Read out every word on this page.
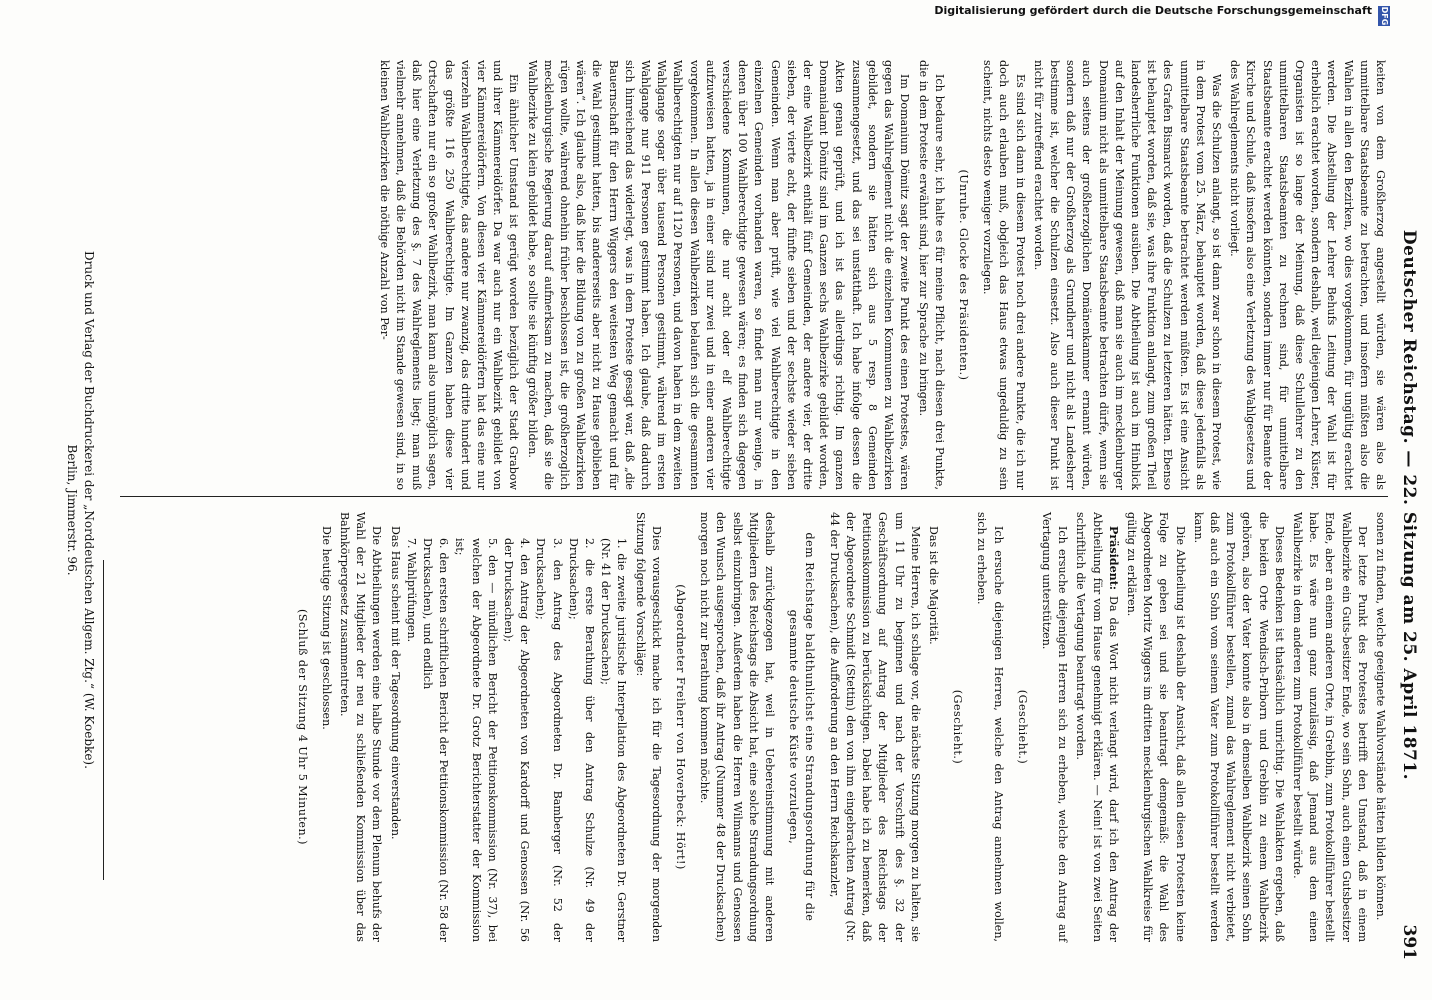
DFG
Digitalisierung gefördert durch die Deutsche Forschungsgemeinschaft
Deutscher Reichstag. — 22. Sitzung am 25. April 1871.
391

keiten von dem Großherzog angestellt würden, sie wären also als unmittelbare Staatsbeamte zu betrachten, und insofern müßten also die Wahlen in allen den Bezirken, wo dies vorgekommen, für ungültig erachtet werden. Die Abstellung der Lehrer Behufs Leitung der Wahl ist für erheblich erachtet worden, sondern deshalb, weil diejenigen Lehrer, Küster, Organisten ist so lange der Meinung, daß diese Schullehrer zu den unmittelbaren Staatsbeamten zu rechnen sind, für unmittelbare Staatsbeamte erachtet werden könnten, sondern immer nur für Beamte der Kirche und Schule, daß insofern also eine Verletzung des Wahlgesetzes und des Wahlreglements nicht vorliegt.

Was die Schulzen anlangt, so ist dann zwar schon in diesem Protest, wie in dem Protest vom 25. März, behauptet worden, daß diese jedenfalls als unmittelbare Staatsbeamte betrachtet werden müßten. Es ist eine Ansicht des Grafen Bismarck worden, daß die Schulzen zu letzteren hätten. Ebenso ist behauptet worden, daß sie, was ihre Funktion anlangt, zum großen Theil landesherrliche Funktionen ausüben. Die Abtheilung ist auch im Hinblick auf den Inhalt der Meinung gewesen, daß man sie auch im mecklenburger Domanium nicht als unmittelbare Staatsbeamte betrachten dürfe, wenn sie auch seitens der großherzoglichen Domänenkammer ernannt würden, sondern daß nur der Großherzog als Grundherr und nicht als Landesherr bestimme ist, welcher die Schulzen einsetzt. Also auch dieser Punkt ist nicht für zutreffend erachtet worden.

Es sind sich dann in diesem Protest noch drei andere Punkte, die ich nur doch auch erlauben muß, obgleich das Haus etwas ungeduldig zu sein scheint, nichts desto weniger vorzulegen.

(Unruhe. Glocke des Präsidenten.)

Ich bedaure sehr, ich halte es für meine Pflicht, nach diesen drei Punkte, die in dem Proteste erwähnt sind, hier zur Sprache zu bringen.

Im Domanium Dömitz sagt der zweite Punkt des einen Protestes, wären gegen das Wahlreglement nicht die einzelnen Kommunen zu Wahlbezirken gebildet, sondern sie hätten sich aus 5 resp. 8 Gemeinden zusammengesetzt, und das sei unstatthaft. Ich habe infolge dessen die Akten genau geprüft, und ich ist das allerdings richtig. Im ganzen Domanialamt Dömitz sind im Ganzen sechs Wahlbezirke gebildet worden, der eine Wahlbezirk enthält fünf Gemeinden, der andere vier, der dritte sieben, der vierte acht, der fünfte sieben und der sechste wieder sieben Gemeinden. Wenn man aber prüft, wie viel Wahlberechtigte in den einzelnen Gemeinden vorhanden waren, so findet man nur wenige, in denen über 100 Wahlberechtigte gewesen wären; es finden sich dagegen verschiedene Kommunen, die nur acht oder elf Wahlberechtigte aufzuweisen hatten, ja in einer sind nur zwei und in einer anderen vier vorgekommen. In allen diesen Wahlbezirken belaufen sich die gesammten Wahlberechtigten nur auf 1120 Personen, und davon haben in dem zweiten Wahlgange sogar über tausend Personen gestimmt, während im ersten Wahlgange nur 911 Personen gestimmt haben. Ich glaube, daß dadurch sich hinreichend das widerlegt, was in dem Proteste gesagt war, daß „die Bauernschaft für den Herrn Wiggers den weitesten Weg gemacht und für die Wahl gestimmt hatten, bis andererseits aber nicht zu Hause geblieben wären“. Ich glaube also, daß hier die Bildung von zu großen Wahlbezirken rügen wollte, während ohnehin früher beschlossen ist, die großherzoglich mecklenburgische Regierung darauf aufmerksam zu machen, daß sie die Wahlbezirke zu klein gebildet habe, so sollte sie künftig größer bilden.

Ein ähnlicher Umstand ist gerügt worden bezüglich der Stadt Grabow und ihrer Kämmereidörfer. Da war auch nur ein Wahlbezirk gebildet von vier Kämmereidörfern. Von diesen vier Kämmereidörfern hat das eine nur vierzehn Wahlberechtigte, das andere nur zwanzig, das dritte hundert und das größte 116 250 Wahlberechtigte. Im Ganzen haben diese vier Ortschaften nur ein so großer Wahlbezirk, man kann also unmöglich sagen, daß hier eine Verletzung des §. 7 des Wahlreglements liegt; man muß vielmehr annehmen, daß die Behörden nicht im Stande gewesen sind, in so kleinen Wahlbezirken die nöthige Anzahl von Per-

sonen zu finden, welche geeignete Wahlvorstände hätten bilden können.

Der letzte Punkt des Protestes betrifft den Umstand, daß in einem Wahlbezirke ein Guts-besitzer Ende, wo sein Sohn, auch einen Gutsbesitzer Ende, aber an einem anderen Orte, in Grebbin, zum Protokollführer bestellt habe. Es wäre nun ganz unzulässig, daß Jemand aus dem einen Wahlbezirke in dem anderen zum Protokollführer bestellt würde.

Dieses Bedenken ist thatsächlich unrichtig. Die Wahlakten ergeben, daß die beiden Orte Wendisch-Priborn und Grebbin zu einem Wahlbezirk gehören, also der Vater konnte also in demselben Wahlbezirk seinen Sohn zum Protokollführer bestellen, zumal das Wahlreglement nicht verbietet, daß auch ein Sohn vom seinem Vater zum Protokollführer bestellt werden kann.

Die Abtheilung ist deshalb der Ansicht, daß allen diesen Protesten keine Folge zu geben sei und sie beantragt demgemäß: die Wahl des Abgeordneten Moritz Wiggers im dritten mecklenburgischen Wahlkreise für gültig zu erklären.

Präsident: Da das Wort nicht verlangt wird, darf ich den Antrag der Abtheilung für vom Hause genehmigt erklären. — Nein! ist von zwei Seiten schriftlich die Vertagung beantragt worden.

Ich ersuche diejenigen Herren sich zu erheben, welche den Antrag auf Vertagung unterstützen.

(Geschieht.)

Ich ersuche diejenigen Herren, welche den Antrag annehmen wollen, sich zu erheben.

(Geschieht.)

Das ist die Majorität.

Meine Herren, ich schlage vor, die nächste Sitzung morgen zu halten, sie um 11 Uhr zu beginnen und nach der Vorschrift des §. 32 der Geschäftsordnung auf Antrag der Mitglieder des Reichstags der Petitionskommission zu berücksichtigen. Dabei habe ich zu bemerken, daß der Abgeordnete Schmidt (Stettin) den von ihm eingebrachten Antrag (Nr. 44 der Drucksachen), die Aufforderung an den Herrn Reichskanzler,

dem Reichstage baldthunlichst eine Strandungsordnung für die gesammte deutsche Küste vorzulegen,

deshalb zurückgezogen hat, weil in Uebereinstimmung mit anderen Mitgliedern des Reichstags die Absicht hat, eine solche Strandungsordnung selbst einzubringen. Außerdem haben die Herren Wilmanns und Genossen den Wunsch ausgesprochen, daß ihr Antrag (Nummer 48 der Drucksachen) morgen noch nicht zur Berathung kommen möchte.

(Abgeordneter Freiherr von Hoverbeck: Hört!)

Dies vorausgeschickt mache ich für die Tagesordnung der morgenden Sitzung folgende Vorschläge:

1. die zweite juristische Interpellation des Abgeordneten Dr. Gerstner (Nr. 41 der Drucksachen);
2. die erste Berathung über den Antrag Schulze (Nr. 49 der Drucksachen);
3. den Antrag des Abgeordneten Dr. Bamberger (Nr. 52 der Drucksachen);
4. den Antrag der Abgeordneten von Kardorff und Genossen (Nr. 56 der Drucksachen);
5. den — mündlichen Bericht der Petitionskommission (Nr. 37), bei welchen der Abgeordnete Dr. Grotz Berichterstatter der Kommission ist;
6. den ersten schriftlichen Bericht der Petitionskommission (Nr. 58 der Drucksachen), und endlich
7. Wahlprüfungen.

Das Haus scheint mit der Tagesordnung einverstanden.

Die Abtheilungen werden eine halbe Stunde vor dem Plenum behufs der Wahl der 21 Mitglieder der neu zu schließenden Kommission über das Bahnkörpergesetz zusammentreten.

Die heutige Sitzung ist geschlossen.

(Schluß der Sitzung 4 Uhr 5 Minuten.)

Druck und Verlag der Buchdruckerei der „Norddeutschen Allgem. Ztg.“ (W. Koebke).
Berlin, Jimmerstr. 96.
